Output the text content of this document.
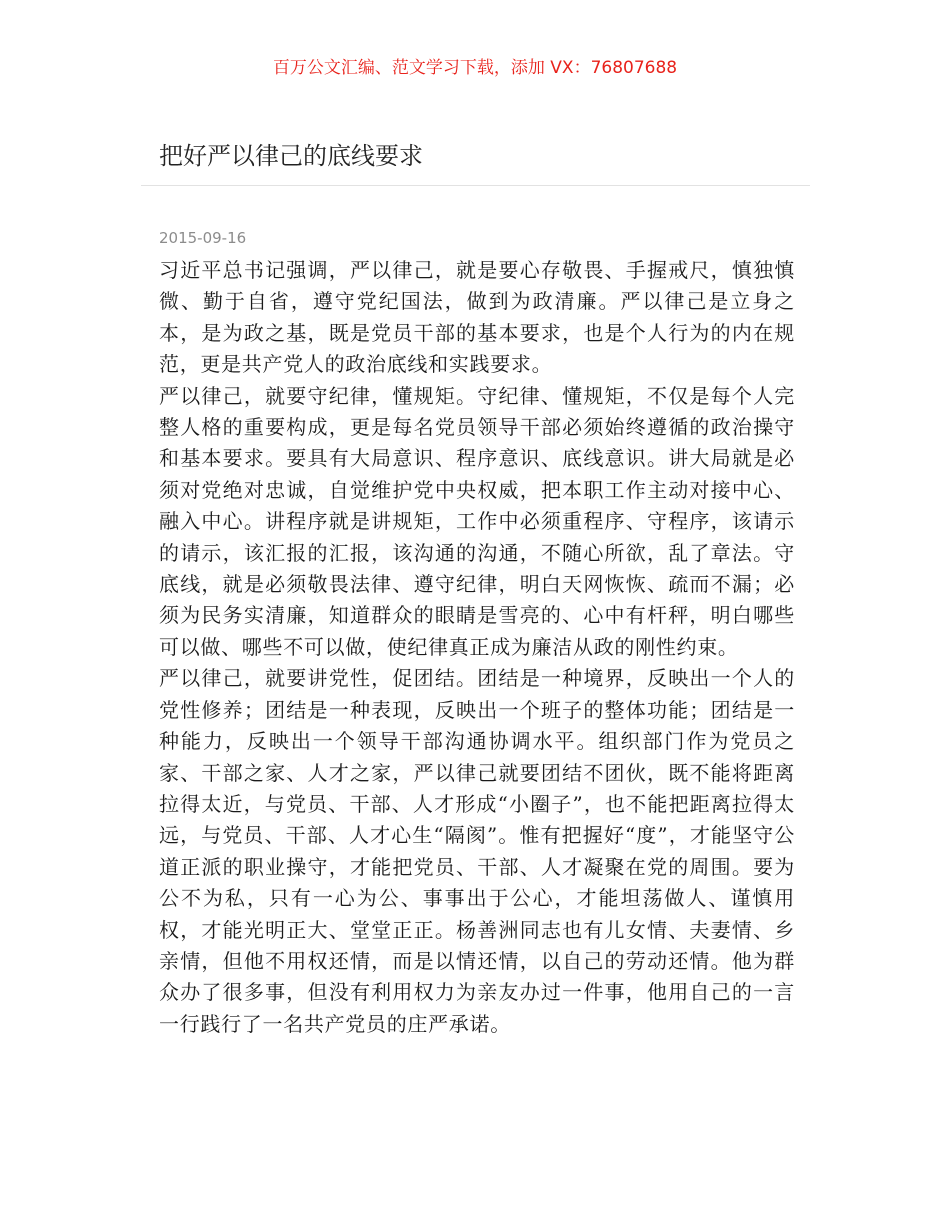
百万公文汇编、范文学习下载，添加 VX：76807688
把好严以律己的底线要求
2015-09-16

习近平总书记强调，严以律己，就是要心存敬畏、手握戒尺，慎独慎微、勤于自省，遵守党纪国法，做到为政清廉。严以律己是立身之本，是为政之基，既是党员干部的基本要求，也是个人行为的内在规范，更是共产党人的政治底线和实践要求。

严以律己，就要守纪律，懂规矩。守纪律、懂规矩，不仅是每个人完整人格的重要构成，更是每名党员领导干部必须始终遵循的政治操守和基本要求。要具有大局意识、程序意识、底线意识。讲大局就是必须对党绝对忠诚，自觉维护党中央权威，把本职工作主动对接中心、融入中心。讲程序就是讲规矩，工作中必须重程序、守程序，该请示的请示，该汇报的汇报，该沟通的沟通，不随心所欲，乱了章法。守底线，就是必须敬畏法律、遵守纪律，明白天网恢恢、疏而不漏；必须为民务实清廉，知道群众的眼睛是雪亮的、心中有杆秤，明白哪些可以做、哪些不可以做，使纪律真正成为廉洁从政的刚性约束。

严以律己，就要讲党性，促团结。团结是一种境界，反映出一个人的党性修养；团结是一种表现，反映出一个班子的整体功能；团结是一种能力，反映出一个领导干部沟通协调水平。组织部门作为党员之家、干部之家、人才之家，严以律己就要团结不团伙，既不能将距离拉得太近，与党员、干部、人才形成“小圈子”，也不能把距离拉得太远，与党员、干部、人才心生“隔阂”。惟有把握好“度”，才能坚守公道正派的职业操守，才能把党员、干部、人才凝聚在党的周围。要为公不为私，只有一心为公、事事出于公心，才能坦荡做人、谨慎用权，才能光明正大、堂堂正正。杨善洲同志也有儿女情、夫妻情、乡亲情，但他不用权还情，而是以情还情，以自己的劳动还情。他为群众办了很多事，但没有利用权力为亲友办过一件事，他用自己的一言一行践行了一名共产党员的庄严承诺。
